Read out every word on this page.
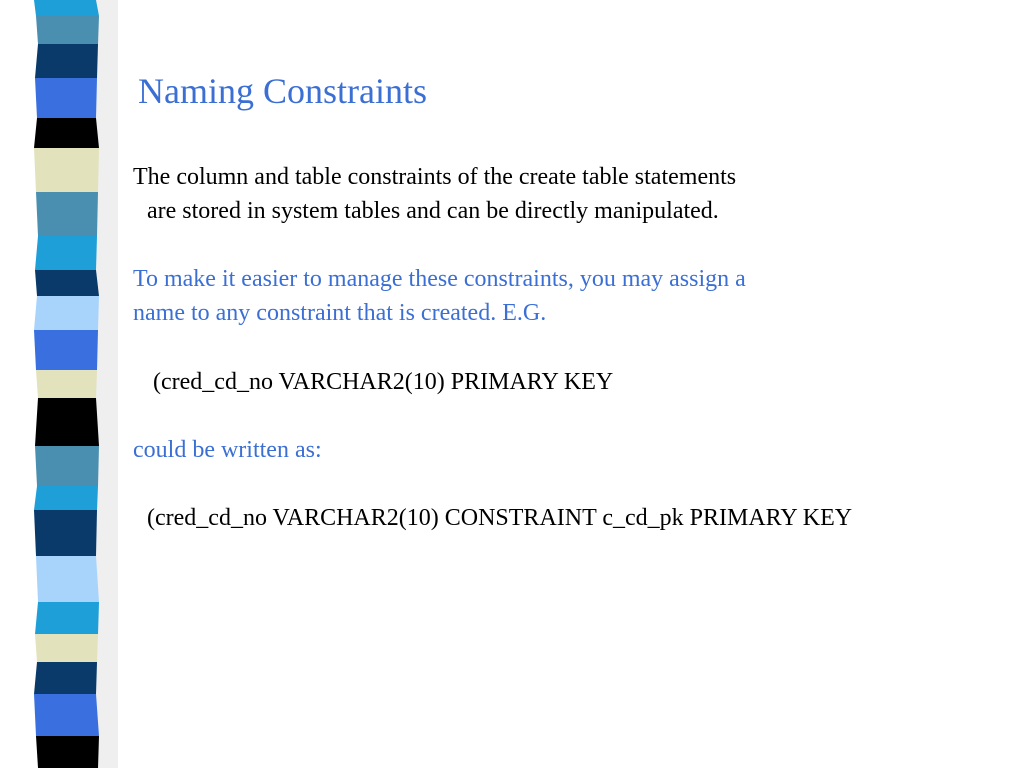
Naming Constraints
The column and table constraints of the create table statements
are stored in system tables and can be directly manipulated.
To make it easier to manage these constraints, you may assign a
name to any constraint that is created. E.G.
(cred_cd_no VARCHAR2(10) PRIMARY KEY
could be written as:
(cred_cd_no VARCHAR2(10) CONSTRAINT c_cd_pk PRIMARY KEY
